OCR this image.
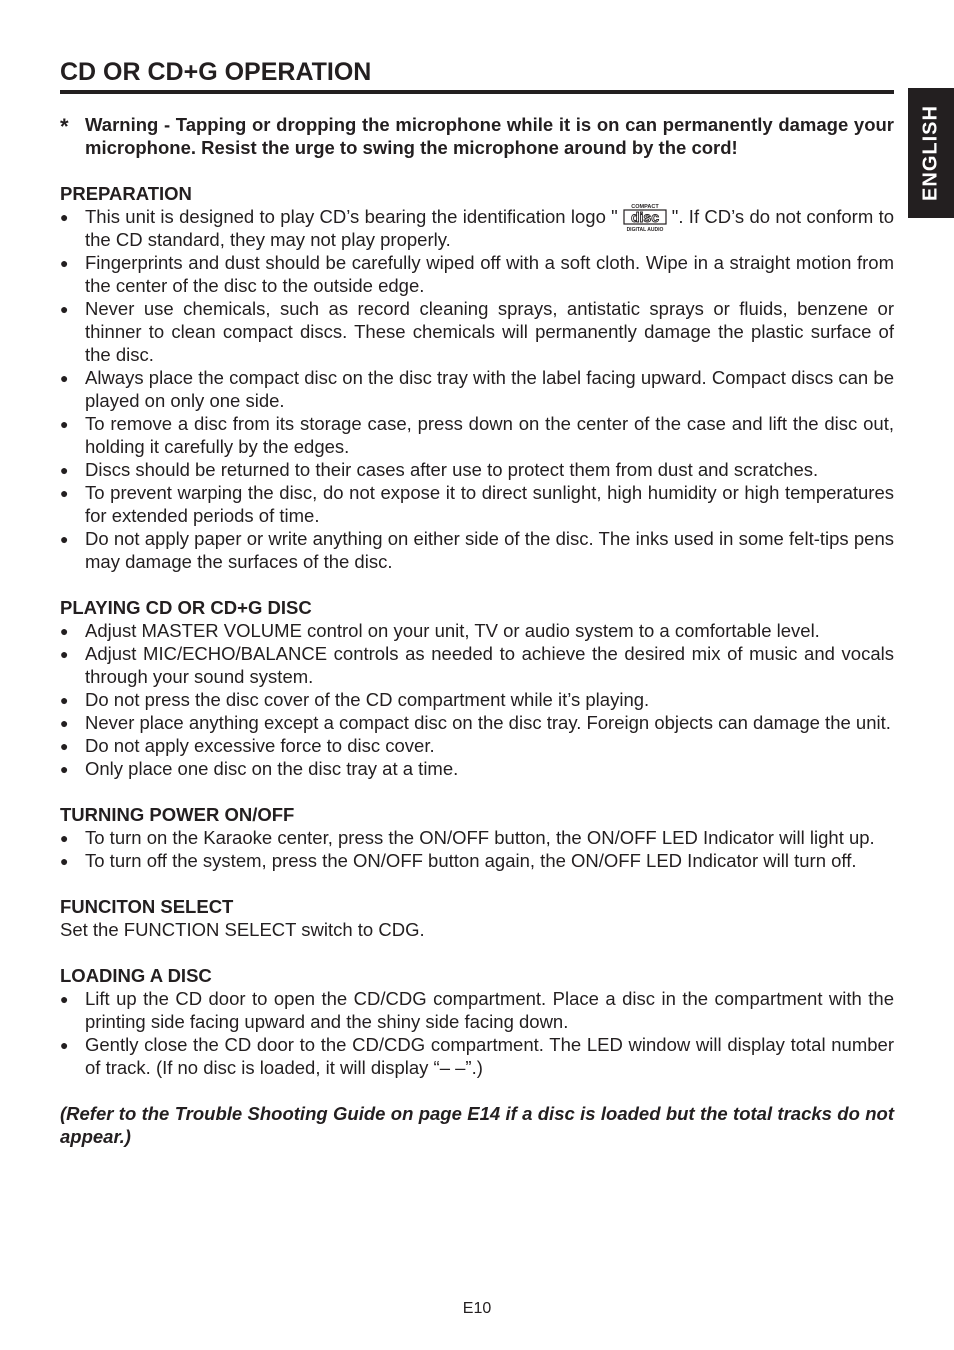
ENGLISH
CD OR CD+G OPERATION
* Warning - Tapping or dropping the microphone while it is on can permanently damage your microphone. Resist the urge to swing the microphone around by the cord!
PREPARATION
● This unit is designed to play CD’s bearing the identification logo " COMPACT
disc
DIGITAL AUDIO
". If CD’s do not conform to the CD standard, they may not play properly.
● Fingerprints and dust should be carefully wiped off with a soft cloth. Wipe in a straight motion from the center of the disc to the outside edge.
● Never use chemicals, such as record cleaning sprays, antistatic sprays or fluids, benzene or thinner to clean compact discs. These chemicals will permanently damage the plastic surface of the disc.
● Always place the compact disc on the disc tray with the label facing upward. Compact discs can be played on only one side.
● To remove a disc from its storage case, press down on the center of the case and lift the disc out, holding it carefully by the edges.
● Discs should be returned to their cases after use to protect them from dust and scratches.
● To prevent warping the disc, do not expose it to direct sunlight, high humidity or high temperatures for extended periods of time.
● Do not apply paper or write anything on either side of the disc. The inks used in some felt-tips pens may damage the surfaces of the disc.
PLAYING CD OR CD+G DISC
● Adjust MASTER VOLUME control on your unit, TV or audio system to a comfortable level.
● Adjust MIC/ECHO/BALANCE controls as needed to achieve the desired mix of music and vocals through your sound system.
● Do not press the disc cover of the CD compartment while it’s playing.
● Never place anything except a compact disc on the disc tray. Foreign objects can damage the unit.
● Do not apply excessive force to disc cover.
● Only place one disc on the disc tray at a time.
TURNING POWER ON/OFF
● To turn on the Karaoke center, press the ON/OFF button, the ON/OFF LED Indicator will light up.
● To turn off the system, press the ON/OFF button again, the ON/OFF LED Indicator will turn off.
FUNCITON SELECT
Set the FUNCTION SELECT switch to CDG.
LOADING A DISC
● Lift up the CD door to open the CD/CDG compartment. Place a disc in the compartment with the printing side facing upward and the shiny side facing down.
● Gently close the CD door to the CD/CDG compartment. The LED window will display total number of track. (If no disc is loaded, it will display “– –”.)
(Refer to the Trouble Shooting Guide on page E14 if a disc is loaded but the total tracks do not appear.)
E10
